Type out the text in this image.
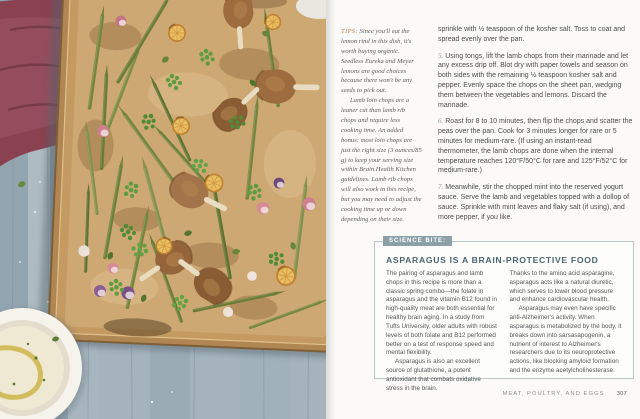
TIPS: Since you'll eat the lemon rind in this dish, it's worth buying organic. Seedless Eureka and Meyer lemons are good choices because there won't be any seeds to pick out.

Lamb loin chops are a leaner cut than lamb rib chops and require less cooking time. An added bonus: most loin chops are just the right size (3 ounces/85 g) to keep your serving size within Brain Health Kitchen guidelines. Lamb rib chops will also work in this recipe, but you may need to adjust the cooking time up or down depending on their size.

sprinkle with ½ teaspoon of the kosher salt. Toss to coat and spread evenly over the pan.

5. Using tongs, lift the lamb chops from their marinade and let any excess drip off. Blot dry with paper towels and season on both sides with the remaining ½ teaspoon kosher salt and pepper. Evenly space the chops on the sheet pan, wedging them between the vegetables and lemons. Discard the marinade.

6. Roast for 8 to 10 minutes, then flip the chops and scatter the peas over the pan. Cook for 3 minutes longer for rare or 5 minutes for medium-rare. (If using an instant-read thermometer, the lamb chops are done when the internal temperature reaches 120°F/50°C for rare and 125°F/52°C for medium-rare.)

7. Meanwhile, stir the chopped mint into the reserved yogurt sauce. Serve the lamb and vegetables topped with a dollop of sauce. Sprinkle with mint leaves and flaky salt (if using), and more pepper, if you like.

SCIENCE BITE:
ASPARAGUS IS A BRAIN-PROTECTIVE FOOD

The pairing of asparagus and lamb chops in this recipe is more than a classic spring combo—the folate in asparagus and the vitamin B12 found in high-quality meat are both essential for healthy brain aging. In a study from Tufts University, older adults with robust levels of both folate and B12 performed better on a test of response speed and mental flexibility.

Asparagus is also an excellent source of glutathione, a potent antioxidant that combats oxidative stress in the brain.

Thanks to the amino acid asparagine, asparagus acts like a natural diuretic, which serves to lower blood pressure and enhance cardiovascular health.

Asparagus may even have specific anti-Alzheimer's activity. When asparagus is metabolized by the body, it breaks down into sarsasapogenin, a nutrient of interest to Alzheimer's researchers due to its neuroprotective actions, like blocking amyloid formation and the enzyme acetylcholinesterase.

MEAT, POULTRY, AND EGGS 307
